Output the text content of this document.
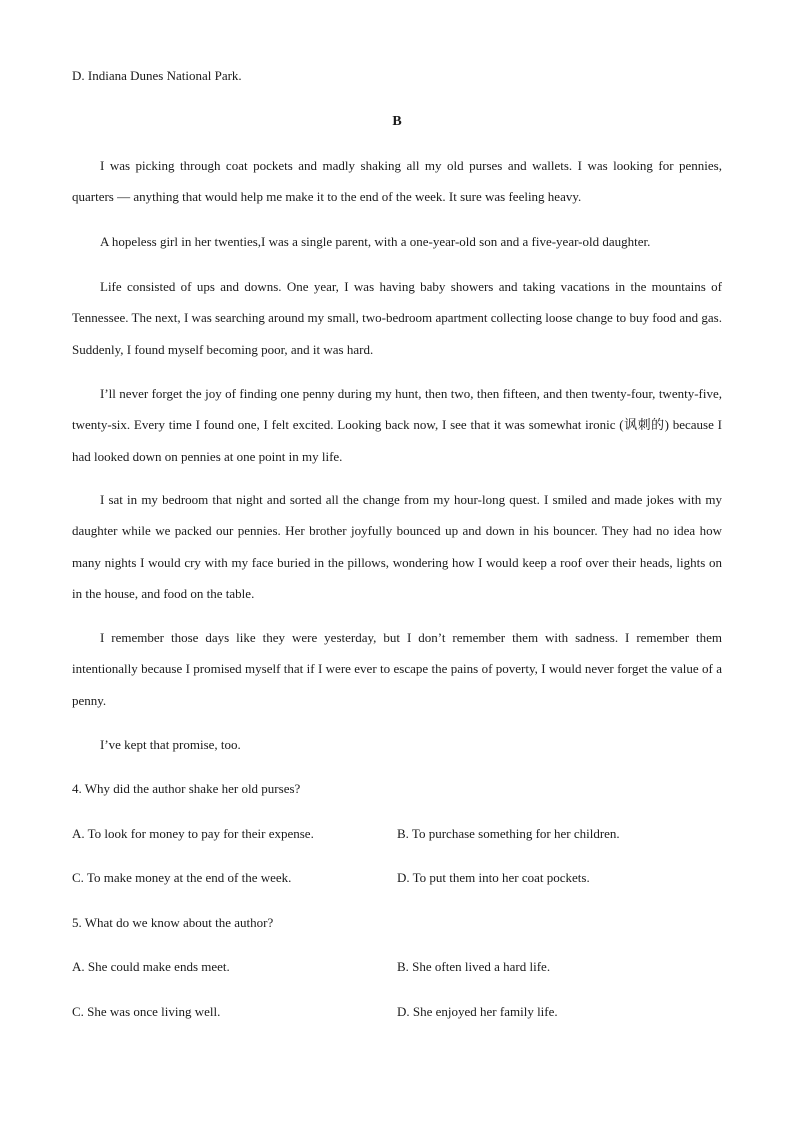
D. Indiana Dunes National Park.
B

I was picking through coat pockets and madly shaking all my old purses and wallets. I was looking for pennies, quarters — anything that would help me make it to the end of the week. It sure was feeling heavy.

A hopeless girl in her twenties,I was a single parent, with a one-year-old son and a five-year-old daughter.

Life consisted of ups and downs. One year, I was having baby showers and taking vacations in the mountains of Tennessee. The next, I was searching around my small, two-bedroom apartment collecting loose change to buy food and gas. Suddenly, I found myself becoming poor, and it was hard.

I’ll never forget the joy of finding one penny during my hunt, then two, then fifteen, and then twenty-four, twenty-five, twenty-six. Every time I found one, I felt excited. Looking back now, I see that it was somewhat ironic (讽刺的) because I had looked down on pennies at one point in my life.

I sat in my bedroom that night and sorted all the change from my hour-long quest. I smiled and made jokes with my daughter while we packed our pennies. Her brother joyfully bounced up and down in his bouncer. They had no idea how many nights I would cry with my face buried in the pillows, wondering how I would keep a roof over their heads, lights on in the house, and food on the table.

I remember those days like they were yesterday, but I don’t remember them with sadness. I remember them intentionally because I promised myself that if I were ever to escape the pains of poverty, I would never forget the value of a penny.

I’ve kept that promise, too.

4. Why did the author shake her old purses?
A. To look for money to pay for their expense.	B. To purchase something for her children.
C. To make money at the end of the week.	D. To put them into her coat pockets.
5. What do we know about the author?
A. She could make ends meet.	B. She often lived a hard life.
C. She was once living well.	D. She enjoyed her family life.
